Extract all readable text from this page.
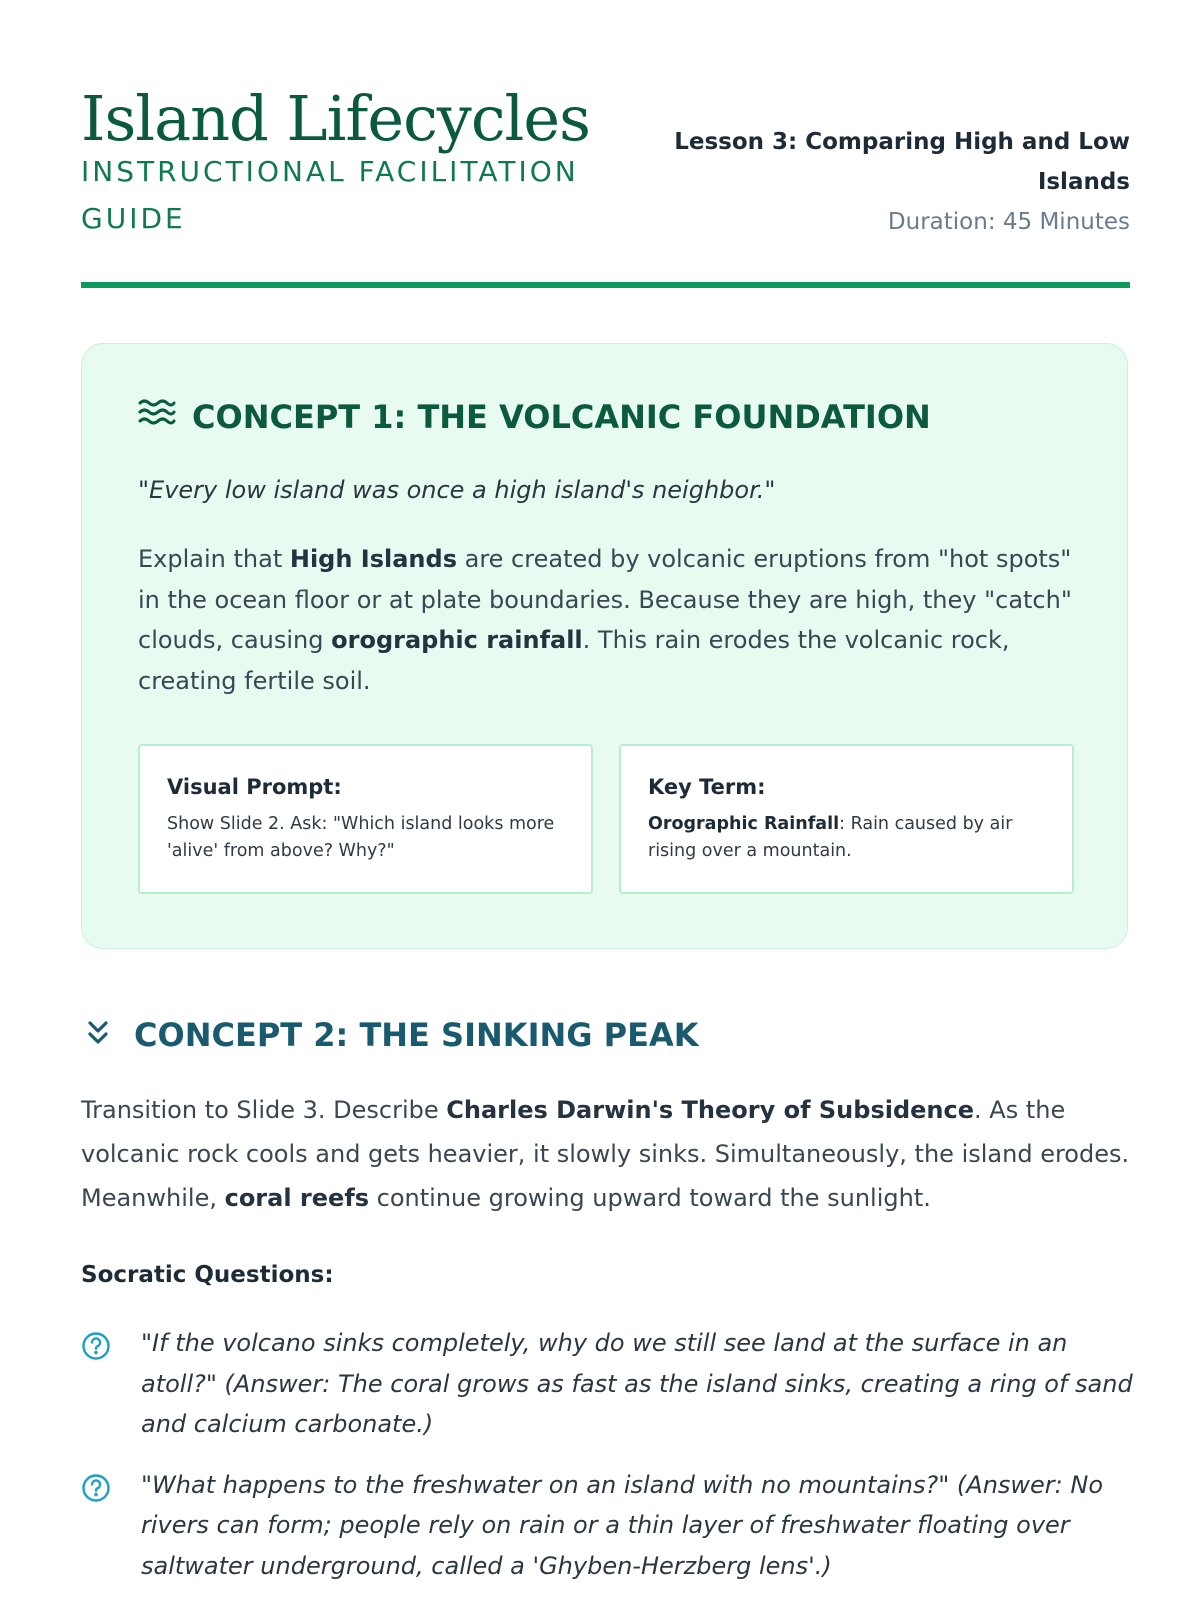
Island Lifecycles
INSTRUCTIONAL FACILITATION GUIDE
Lesson 3: Comparing High and Low Islands
Duration: 45 Minutes
CONCEPT 1: THE VOLCANIC FOUNDATION
"Every low island was once a high island's neighbor."
Explain that High Islands are created by volcanic eruptions from "hot spots" in the ocean floor or at plate boundaries. Because they are high, they "catch" clouds, causing orographic rainfall. This rain erodes the volcanic rock, creating fertile soil.
Visual Prompt:
Show Slide 2. Ask: "Which island looks more 'alive' from above? Why?"
Key Term:
Orographic Rainfall: Rain caused by air rising over a mountain.
CONCEPT 2: THE SINKING PEAK
Transition to Slide 3. Describe Charles Darwin's Theory of Subsidence. As the volcanic rock cools and gets heavier, it slowly sinks. Simultaneously, the island erodes. Meanwhile, coral reefs continue growing upward toward the sunlight.
Socratic Questions:
"If the volcano sinks completely, why do we still see land at the surface in an atoll?" (Answer: The coral grows as fast as the island sinks, creating a ring of sand and calcium carbonate.)
"What happens to the freshwater on an island with no mountains?" (Answer: No rivers can form; people rely on rain or a thin layer of freshwater floating over saltwater underground, called a 'Ghyben-Herzberg lens'.)
